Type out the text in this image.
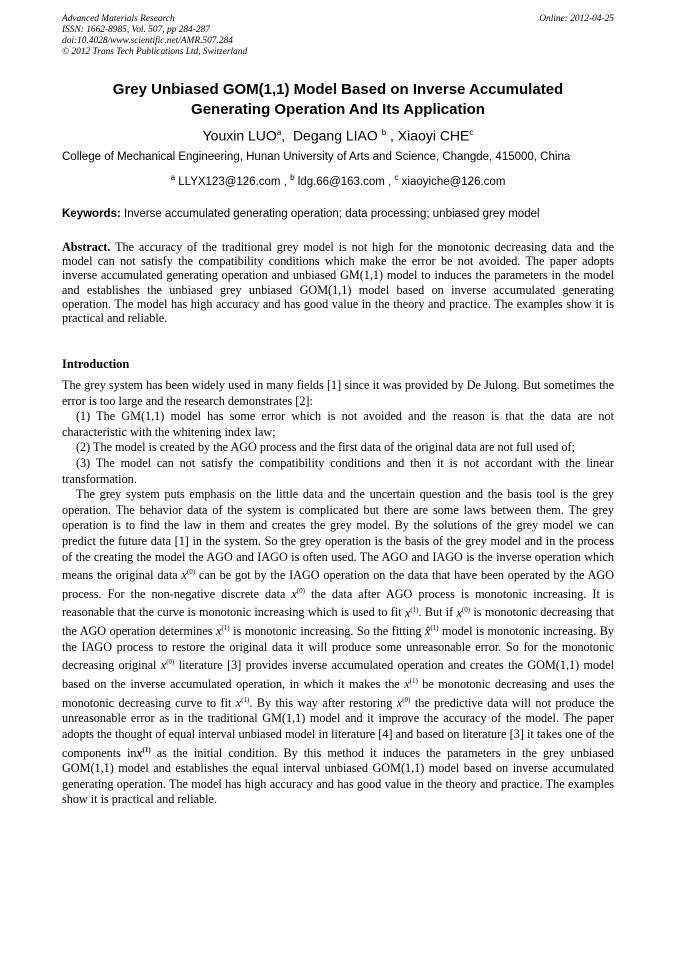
Advanced Materials Research
ISSN: 1662-8985, Vol. 507, pp 284-287
doi:10.4028/www.scientific.net/AMR.507.284
© 2012 Trans Tech Publications Ltd, Switzerland
Online: 2012-04-25
Grey Unbiased GOM(1,1) Model Based on Inverse Accumulated
Generating Operation And Its Application
Youxin LUO$^a$,  Degang LIAO $^b$ , Xiaoyi CHE$^c$
College of Mechanical Engineering, Hunan University of Arts and Science, Changde, 415000, China
$^a$ LLYX123@126.com , $^b$ ldg.66@163.com , $^c$ xiaoyiche@126.com
Keywords: Inverse accumulated generating operation; data processing; unbiased grey model
Abstract. The accuracy of the traditional grey model is not high for the monotonic decreasing data and the model can not satisfy the compatibility conditions which make the error be not avoided. The paper adopts inverse accumulated generating operation and unbiased GM(1,1) model to induces the parameters in the model and establishes the unbiased grey unbiased GOM(1,1) model based on inverse accumulated generating operation. The model has high accuracy and has good value in the theory and practice. The examples show it is practical and reliable.
Introduction

The grey system has been widely used in many fields [1] since it was provided by De Julong. But sometimes the error is too large and the research demonstrates [2]:

(1) The GM(1,1) model has some error which is not avoided and the reason is that the data are not characteristic with the whitening index law;

(2) The model is created by the AGO process and the first data of the original data are not full used of;

(3) The model can not satisfy the compatibility conditions and then it is not accordant with the linear transformation.

The grey system puts emphasis on the little data and the uncertain question and the basis tool is the grey operation. The behavior data of the system is complicated but there are some laws between them. The grey operation is to find the law in them and creates the grey model. By the solutions of the grey model we can predict the future data [1] in the system. So the grey operation is the basis of the grey model and in the process of the creating the model the AGO and IAGO is often used. The AGO and IAGO is the inverse operation which means the original data $x^{(0)}$ can be got by the IAGO operation on the data that have been operated by the AGO process. For the non-negative discrete data $x^{(0)}$ the data after AGO process is monotonic increasing. It is reasonable that the curve is monotonic increasing which is used to fit $x^{(1)}$. But if $x^{(0)}$ is monotonic decreasing that the AGO operation determines $x^{(1)}$ is monotonic increasing. So the fitting x̂$^{(1)}$ model is monotonic increasing. By the IAGO process to restore the original data it will produce some unreasonable error. So for the monotonic decreasing original $x^{(0)}$ literature [3] provides inverse accumulated operation and creates the GOM(1,1) model based on the inverse accumulated operation, in which it makes the $x^{(1)}$ be monotonic decreasing and uses the monotonic decreasing curve to fit $x^{(1)}$. By this way after restoring $x^{(0)}$ the predictive data will not produce the unreasonable error as in the traditional GM(1,1) model and it improve the accuracy of the model. The paper adopts the thought of equal interval unbiased model in literature [4] and based on literature [3] it takes one of the components inx$^{(1)}$ as the initial condition. By this method it induces the parameters in the grey unbiased GOM(1,1) model and establishes the equal interval unbiased GOM(1,1) model based on inverse accumulated generating operation. The model has high accuracy and has good value in the theory and practice. The examples show it is practical and reliable.
